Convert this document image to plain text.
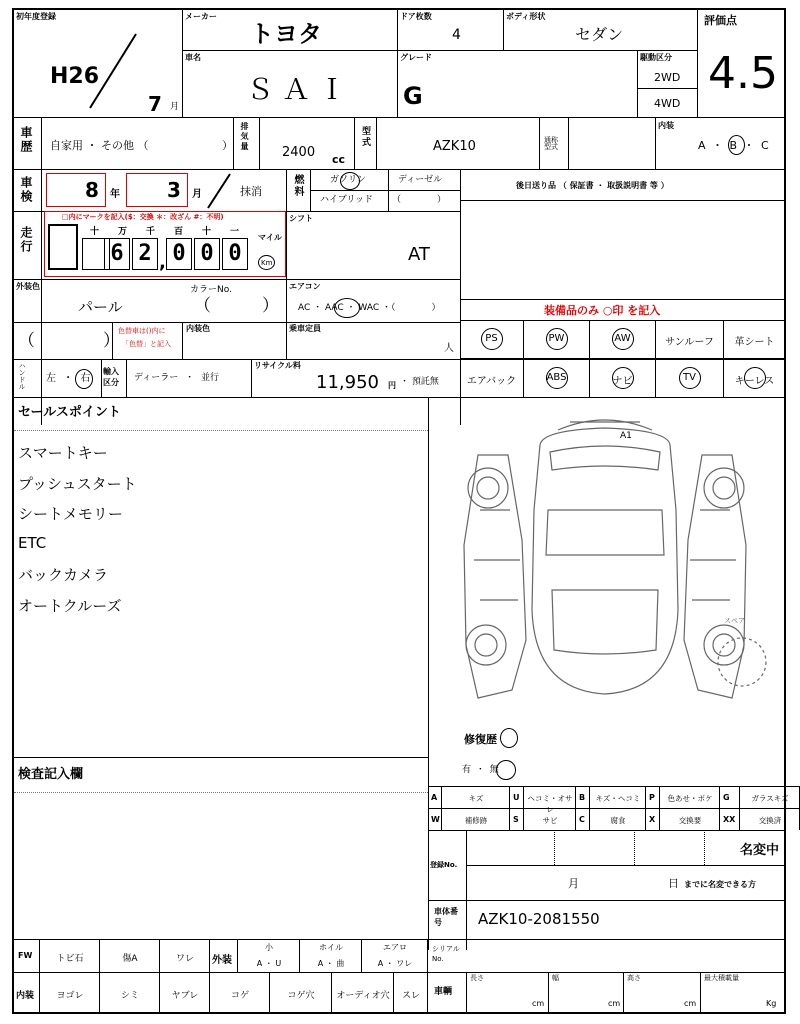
初年度登録
H26
7 月
メーカー
トヨタ
ドア枚数
4
ボディ形状
セダン
評価点
4.5
車名
ＳＡＩ
グレード
G
駆動区分
2WD
4WD
車歴 自家用 ・ その他 （	） 排気量
2400 cc
型式	AZK10	通称型式
内装
A ・ B ・ C
車検	8 年 3 月	抹消	燃料	ガソリン	ディーゼル
ハイブリッド （　　　　）
後日送り品 （ 保証書 ・ 取扱説明書 等 ）
走行
□内にマークを記入($：交換 ＊：改ざん #：不明)
十 万 千 百 十 一
6 2 0 0 0
,
マイル
Km
シフト
AT
外装色
パール
カラーNo.
（　　　）
エアコン
AC ・ AAC ・ WAC ・（　　　　）	装備品のみ ○印 を記入
（　　　　）
色替車は()内に
「色替」と記入
内装色	乗車定員
人
PS	PW	AW	サンルーフ	革シート
エアバック	ABS	ナビ	TV	キーレス
ハンドル 左 ・ 右
輸入区分	ディーラー ・ 並行
リサイクル料
11,950 円 ・ 預託無
セールスポイント
スマートキー
プッシュスタート
シートメモリー
ETC
バックカメラ
オートクルーズ
検査記入欄
A1
スペア
修復歴
有 ・ 無
A	キズ	U	ヘコミ・オサレ
B	キズ・ヘコミ	P	色あせ・ボケ	G	ガラスキズ
W	補修跡	S	サビ	C	腐食	X	交換要	XX	交換済
登録No.
名変中
月	日 までに名変できる方
車体番号	AZK10-2081550
FW	トビ石	傷A	ワレ	外装
小
A ・ U
ホイル
A ・ 曲
エアロ
A ・ ワレ
シリアルNo.
内装	ヨゴレ	シミ	ヤブレ	コゲ	コゲ穴	オーディオ穴	スレ	車輌
長さ
cm
幅
cm
高さ
cm
最大積載量
Kg
